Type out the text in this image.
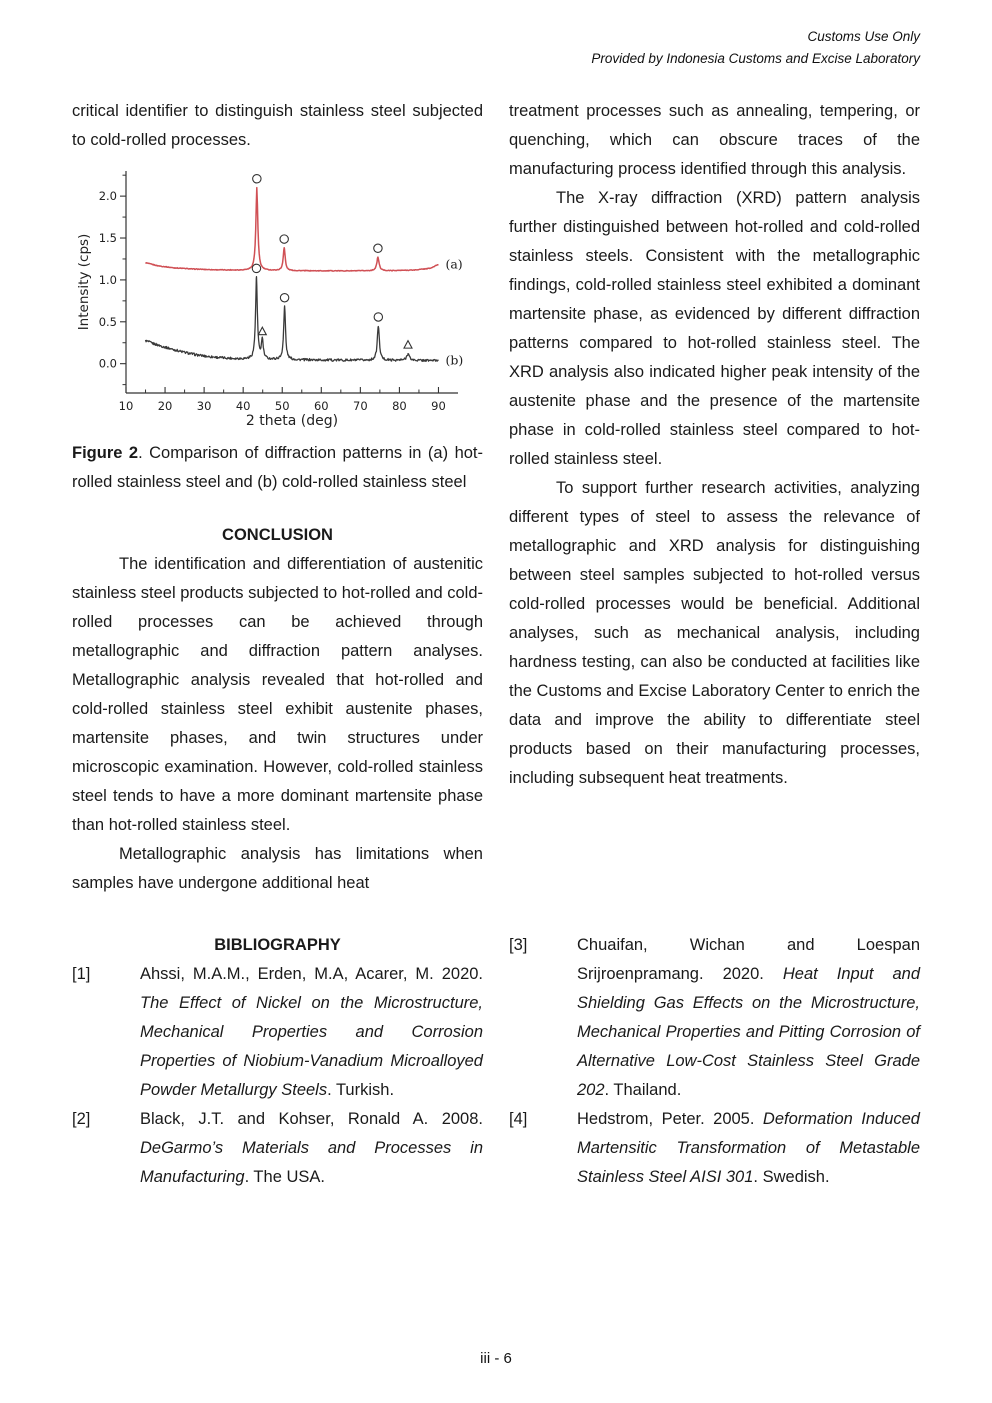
Customs Use Only
Provided by Indonesia Customs and Excise Laboratory

critical identifier to distinguish stainless steel subjected to cold-rolled processes.

10 20 30 40 50 60 70 80 90
0.0
0.5
1.0
1.5
2.0
2 theta (deg)
Intensity (cps)	(a)
(b)
Figure 2. Comparison of diffraction patterns in (a) hot-rolled stainless steel and (b) cold-rolled stainless steel
CONCLUSION

The identification and differentiation of austenitic stainless steel products subjected to hot-rolled and cold-rolled processes can be achieved through metallographic and diffraction pattern analyses. Metallographic analysis revealed that hot-rolled and cold-rolled stainless steel exhibit austenite phases, martensite phases, and twin structures under microscopic examination. However, cold-rolled stainless steel tends to have a more dominant martensite phase than hot-rolled stainless steel.

Metallographic analysis has limitations when samples have undergone additional heat

treatment processes such as annealing, tempering, or quenching, which can obscure traces of the manufacturing process identified through this analysis.

The X-ray diffraction (XRD) pattern analysis further distinguished between hot-rolled and cold-rolled stainless steels. Consistent with the metallographic findings, cold-rolled stainless steel exhibited a dominant martensite phase, as evidenced by different diffraction patterns compared to hot-rolled stainless steel. The XRD analysis also indicated higher peak intensity of the austenite phase and the presence of the martensite phase in cold-rolled stainless steel compared to hot-rolled stainless steel.

To support further research activities, analyzing different types of steel to assess the relevance of metallographic and XRD analysis for distinguishing between steel samples subjected to hot-rolled versus cold-rolled processes would be beneficial. Additional analyses, such as mechanical analysis, including hardness testing, can also be conducted at facilities like the Customs and Excise Laboratory Center to enrich the data and improve the ability to differentiate steel products based on their manufacturing processes, including subsequent heat treatments.

BIBLIOGRAPHY
[1]	Ahssi, M.A.M., Erden, M.A, Acarer, M. 2020. The Effect of Nickel on the Microstructure, Mechanical Properties and Corrosion Properties of Niobium-Vanadium Microalloyed Powder Metallurgy Steels. Turkish.
[2]	Black, J.T. and Kohser, Ronald A. 2008. DeGarmo’s Materials and Processes in Manufacturing. The USA.
[3]	Chuaifan, Wichan and Loespan Srijroenpramang. 2020. Heat Input and Shielding Gas Effects on the Microstructure, Mechanical Properties and Pitting Corrosion of Alternative Low-Cost Stainless Steel Grade 202. Thailand.
[4]	Hedstrom, Peter. 2005. Deformation Induced Martensitic Transformation of Metastable Stainless Steel AISI 301. Swedish.
iii - 6
